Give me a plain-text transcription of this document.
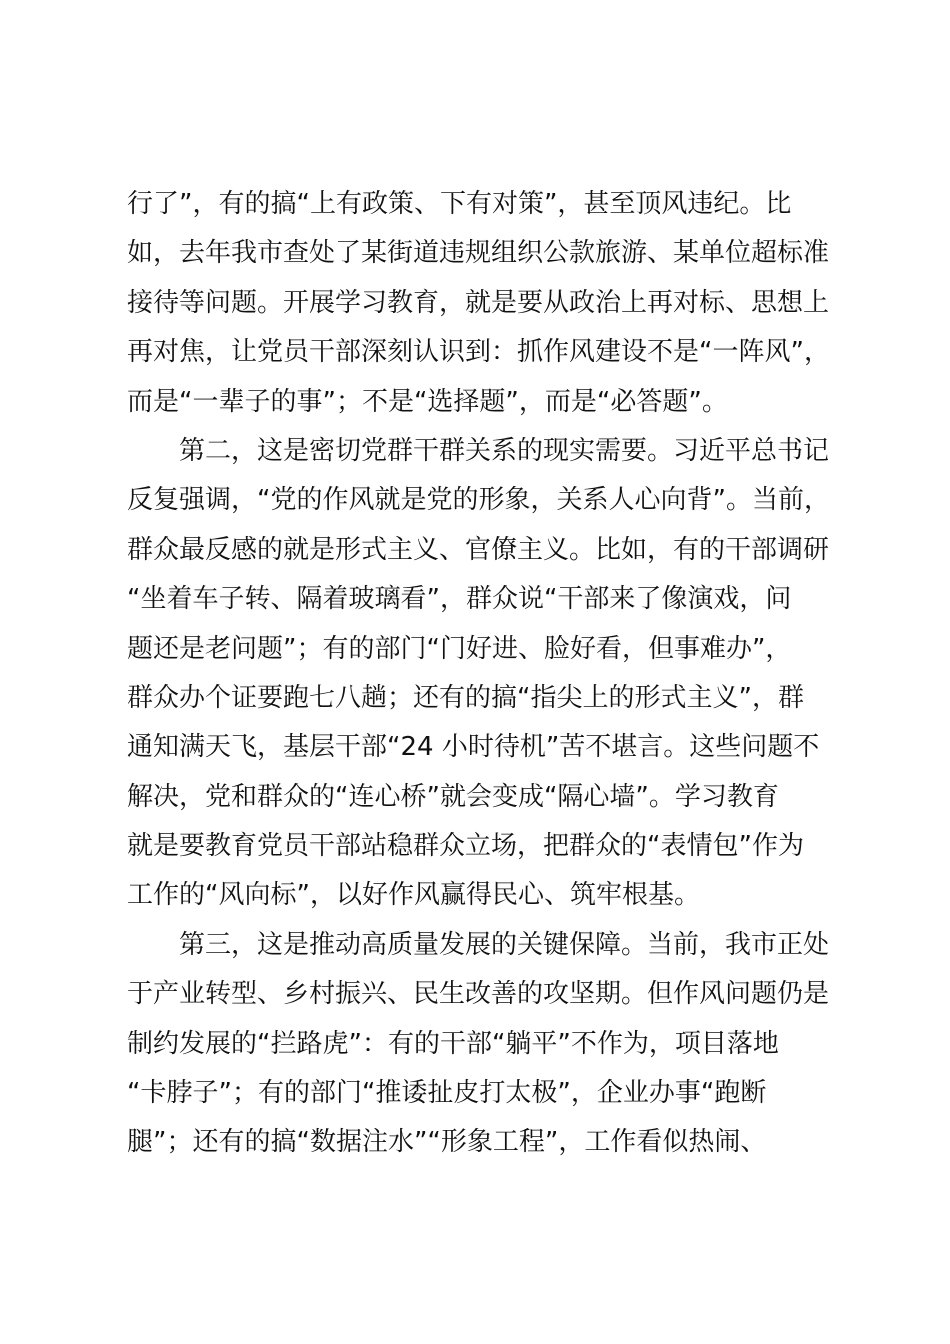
行了”，有的搞“上有政策、下有对策”，甚至顶风违纪。比
如，去年我市查处了某街道违规组织公款旅游、某单位超标准
接待等问题。开展学习教育，就是要从政治上再对标、思想上
再对焦，让党员干部深刻认识到：抓作风建设不是“一阵风”，
而是“一辈子的事”；不是“选择题”，而是“必答题”。
　　第二，这是密切党群干群关系的现实需要。习近平总书记
反复强调，“党的作风就是党的形象，关系人心向背”。当前，
群众最反感的就是形式主义、官僚主义。比如，有的干部调研
“坐着车子转、隔着玻璃看”，群众说“干部来了像演戏，问
题还是老问题”；有的部门“门好进、脸好看，但事难办”，
群众办个证要跑七八趟；还有的搞“指尖上的形式主义”，群
通知满天飞，基层干部“24 小时待机”苦不堪言。这些问题不
解决，党和群众的“连心桥”就会变成“隔心墙”。学习教育
就是要教育党员干部站稳群众立场，把群众的“表情包”作为
工作的“风向标”，以好作风赢得民心、筑牢根基。
　　第三，这是推动高质量发展的关键保障。当前，我市正处
于产业转型、乡村振兴、民生改善的攻坚期。但作风问题仍是
制约发展的“拦路虎”：有的干部“躺平”不作为，项目落地
“卡脖子”；有的部门“推诿扯皮打太极”，企业办事“跑断
腿”；还有的搞“数据注水”“形象工程”，工作看似热闹、
